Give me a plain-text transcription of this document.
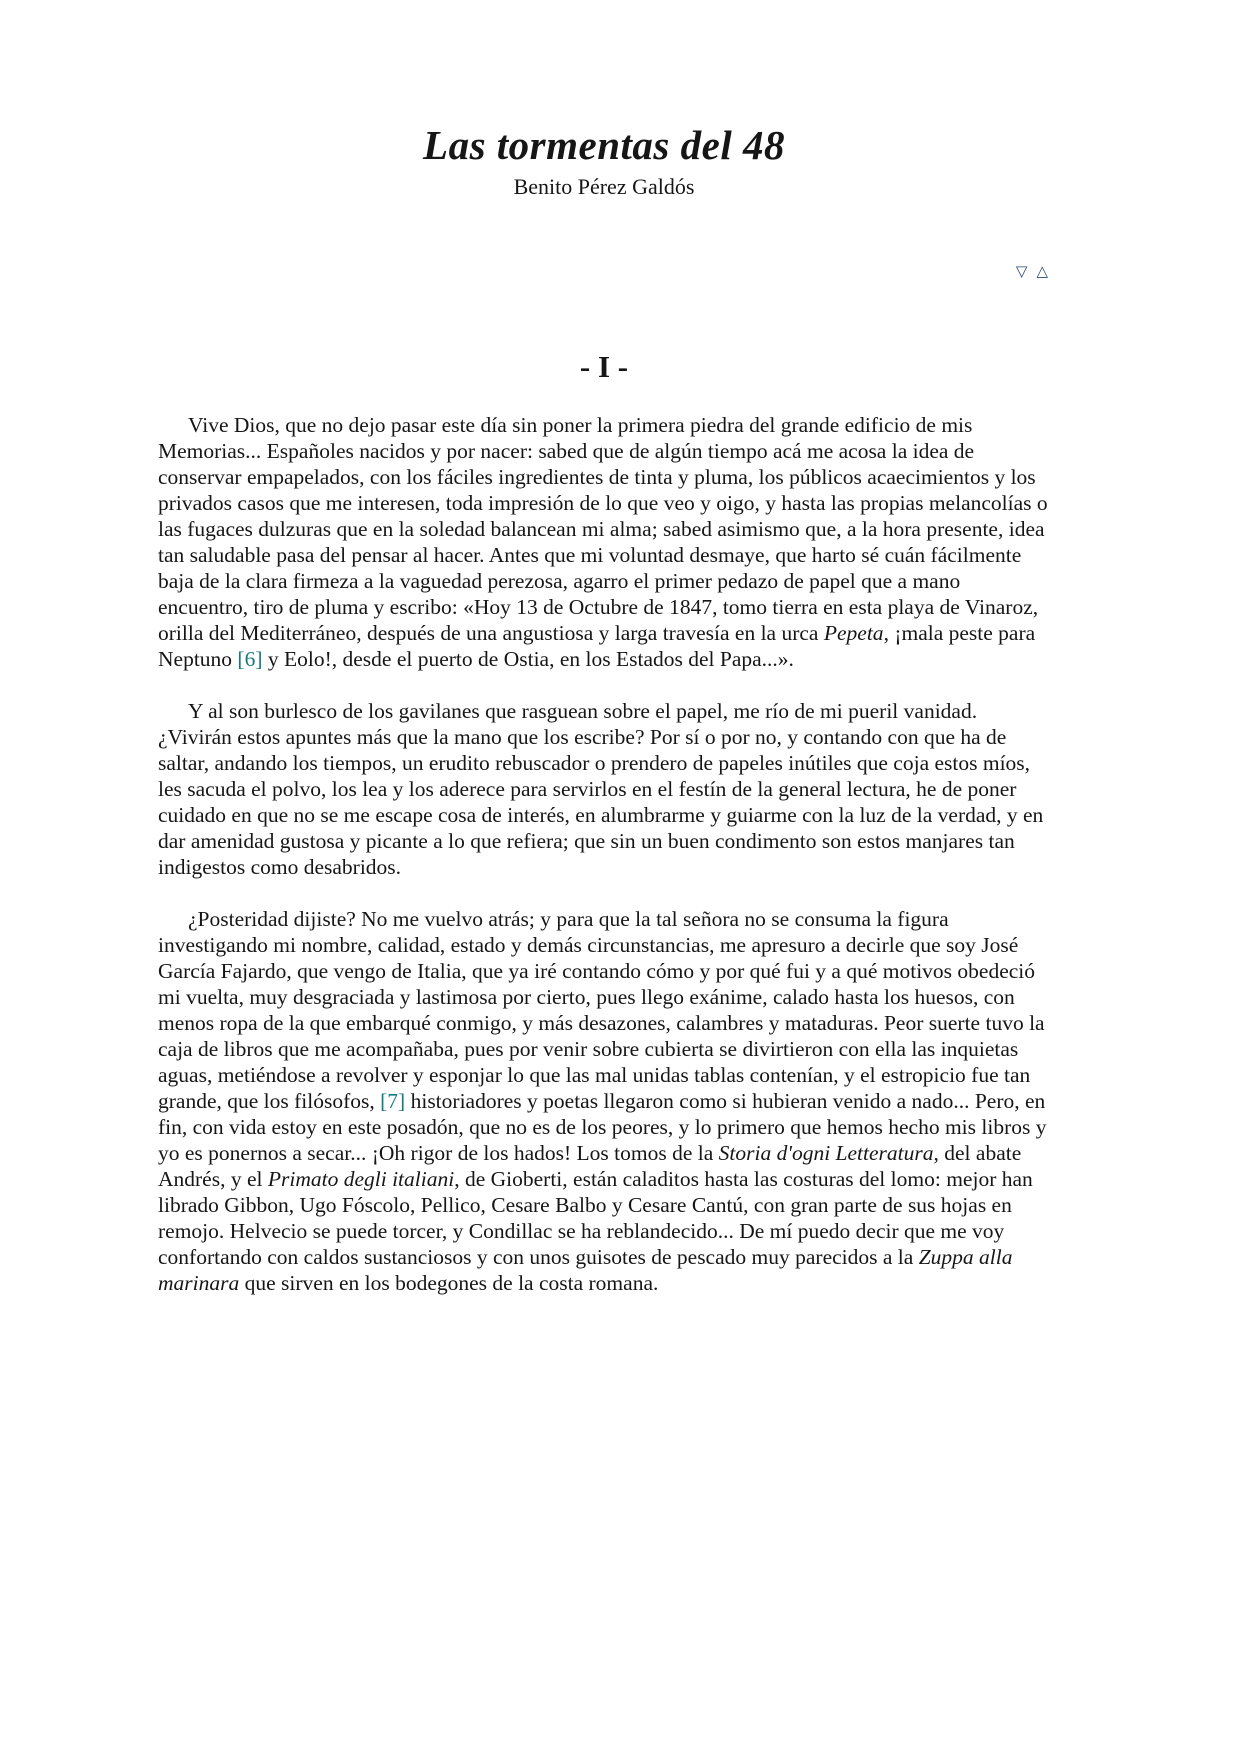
Las tormentas del 48
Benito Pérez Galdós
▽ △
- I -

Vive Dios, que no dejo pasar este día sin poner la primera piedra del grande edificio de mis Memorias... Españoles nacidos y por nacer: sabed que de algún tiempo acá me acosa la idea de conservar empapelados, con los fáciles ingredientes de tinta y pluma, los públicos acaecimientos y los privados casos que me interesen, toda impresión de lo que veo y oigo, y hasta las propias melancolías o las fugaces dulzuras que en la soledad balancean mi alma; sabed asimismo que, a la hora presente, idea tan saludable pasa del pensar al hacer. Antes que mi voluntad desmaye, que harto sé cuán fácilmente baja de la clara firmeza a la vaguedad perezosa, agarro el primer pedazo de papel que a mano encuentro, tiro de pluma y escribo: «Hoy 13 de Octubre de 1847, tomo tierra en esta playa de Vinaroz, orilla del Mediterráneo, después de una angustiosa y larga travesía en la urca Pepeta, ¡mala peste para Neptuno [6] y Eolo!, desde el puerto de Ostia, en los Estados del Papa...».

Y al son burlesco de los gavilanes que rasguean sobre el papel, me río de mi pueril vanidad. ¿Vivirán estos apuntes más que la mano que los escribe? Por sí o por no, y contando con que ha de saltar, andando los tiempos, un erudito rebuscador o prendero de papeles inútiles que coja estos míos, les sacuda el polvo, los lea y los aderece para servirlos en el festín de la general lectura, he de poner cuidado en que no se me escape cosa de interés, en alumbrarme y guiarme con la luz de la verdad, y en dar amenidad gustosa y picante a lo que refiera; que sin un buen condimento son estos manjares tan indigestos como desabridos.

¿Posteridad dijiste? No me vuelvo atrás; y para que la tal señora no se consuma la figura investigando mi nombre, calidad, estado y demás circunstancias, me apresuro a decirle que soy José García Fajardo, que vengo de Italia, que ya iré contando cómo y por qué fui y a qué motivos obedeció mi vuelta, muy desgraciada y lastimosa por cierto, pues llego exánime, calado hasta los huesos, con menos ropa de la que embarqué conmigo, y más desazones, calambres y mataduras. Peor suerte tuvo la caja de libros que me acompañaba, pues por venir sobre cubierta se divirtieron con ella las inquietas aguas, metiéndose a revolver y esponjar lo que las mal unidas tablas contenían, y el estropicio fue tan grande, que los filósofos, [7] historiadores y poetas llegaron como si hubieran venido a nado... Pero, en fin, con vida estoy en este posadón, que no es de los peores, y lo primero que hemos hecho mis libros y yo es ponernos a secar... ¡Oh rigor de los hados! Los tomos de la Storia d'ogni Letteratura, del abate Andrés, y el Primato degli italiani, de Gioberti, están caladitos hasta las costuras del lomo: mejor han librado Gibbon, Ugo Fóscolo, Pellico, Cesare Balbo y Cesare Cantú, con gran parte de sus hojas en remojo. Helvecio se puede torcer, y Condillac se ha reblandecido... De mí puedo decir que me voy confortando con caldos sustanciosos y con unos guisotes de pescado muy parecidos a la Zuppa alla marinara que sirven en los bodegones de la costa romana.
